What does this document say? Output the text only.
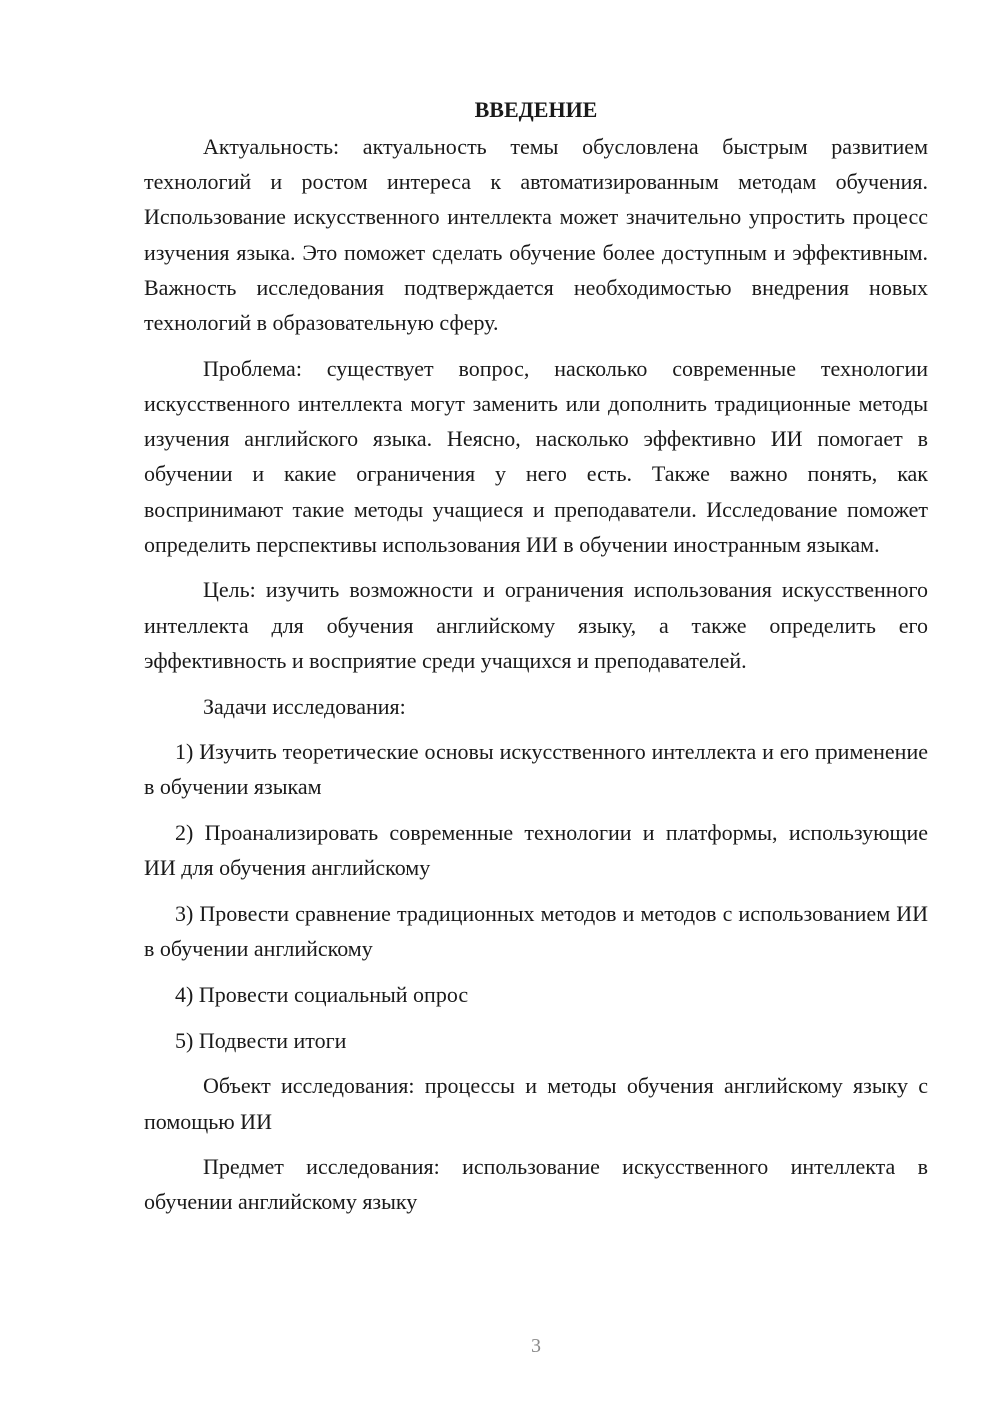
ВВЕДЕНИЕ

Актуальность: актуальность темы обусловлена быстрым развитием технологий и ростом интереса к автоматизированным методам обучения. Использование искусственного интеллекта может значительно упростить процесс изучения языка. Это поможет сделать обучение более доступным и эффективным. Важность исследования подтверждается необходимостью внедрения новых технологий в образовательную сферу.

Проблема: существует вопрос, насколько современные технологии искусственного интеллекта могут заменить или дополнить традиционные методы изучения английского языка. Неясно, насколько эффективно ИИ помогает в обучении и какие ограничения у него есть. Также важно понять, как воспринимают такие методы учащиеся и преподаватели. Исследование поможет определить перспективы использования ИИ в обучении иностранным языкам.

Цель: изучить возможности и ограничения использования искусственного интеллекта для обучения английскому языку, а также определить его эффективность и восприятие среди учащихся и преподавателей.

Задачи исследования:

1) Изучить теоретические основы искусственного интеллекта и его применение в обучении языкам

2) Проанализировать современные технологии и платформы, использующие ИИ для обучения английскому

3) Провести сравнение традиционных методов и методов с использованием ИИ в обучении английскому

4) Провести социальный опрос

5) Подвести итоги

Объект исследования: процессы и методы обучения английскому языку с помощью ИИ

Предмет исследования: использование искусственного интеллекта в обучении английскому языку

3
